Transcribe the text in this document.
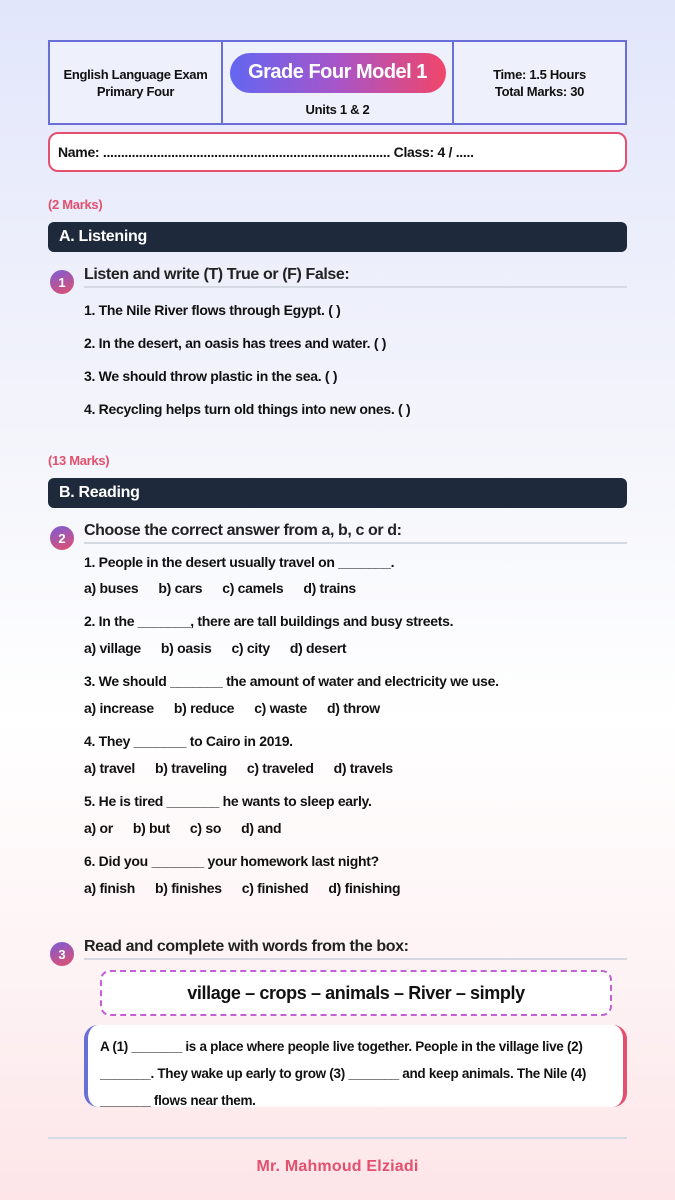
English Language Exam
Primary Four
Grade Four Model 1
Units 1 & 2
Time: 1.5 Hours
Total Marks: 30
Name: ................................................................................ Class: 4 / .....
(2 Marks)
A. Listening
1	Listen and write (T) True or (F) False:
1. The Nile River flows through Egypt. ( )
2. In the desert, an oasis has trees and water. ( )
3. We should throw plastic in the sea. ( )
4. Recycling helps turn old things into new ones. ( )
(13 Marks)
B. Reading
2	Choose the correct answer from a, b, c or d:
1. People in the desert usually travel on _______.
a) buses b) cars c) camels d) trains
2. In the _______, there are tall buildings and busy streets.
a) village b) oasis c) city d) desert
3. We should _______ the amount of water and electricity we use.
a) increase b) reduce c) waste d) throw
4. They _______ to Cairo in 2019.
a) travel b) traveling c) traveled d) travels
5. He is tired _______ he wants to sleep early.
a) or b) but c) so d) and
6. Did you _______ your homework last night?
a) finish b) finishes c) finished d) finishing
3	Read and complete with words from the box:
village – crops – animals – River – simply
A (1) _______ is a place where people live together. People in the village live (2)
_______. They wake up early to grow (3) _______ and keep animals. The Nile (4)
_______ flows near them.
Mr. Mahmoud Elziadi
